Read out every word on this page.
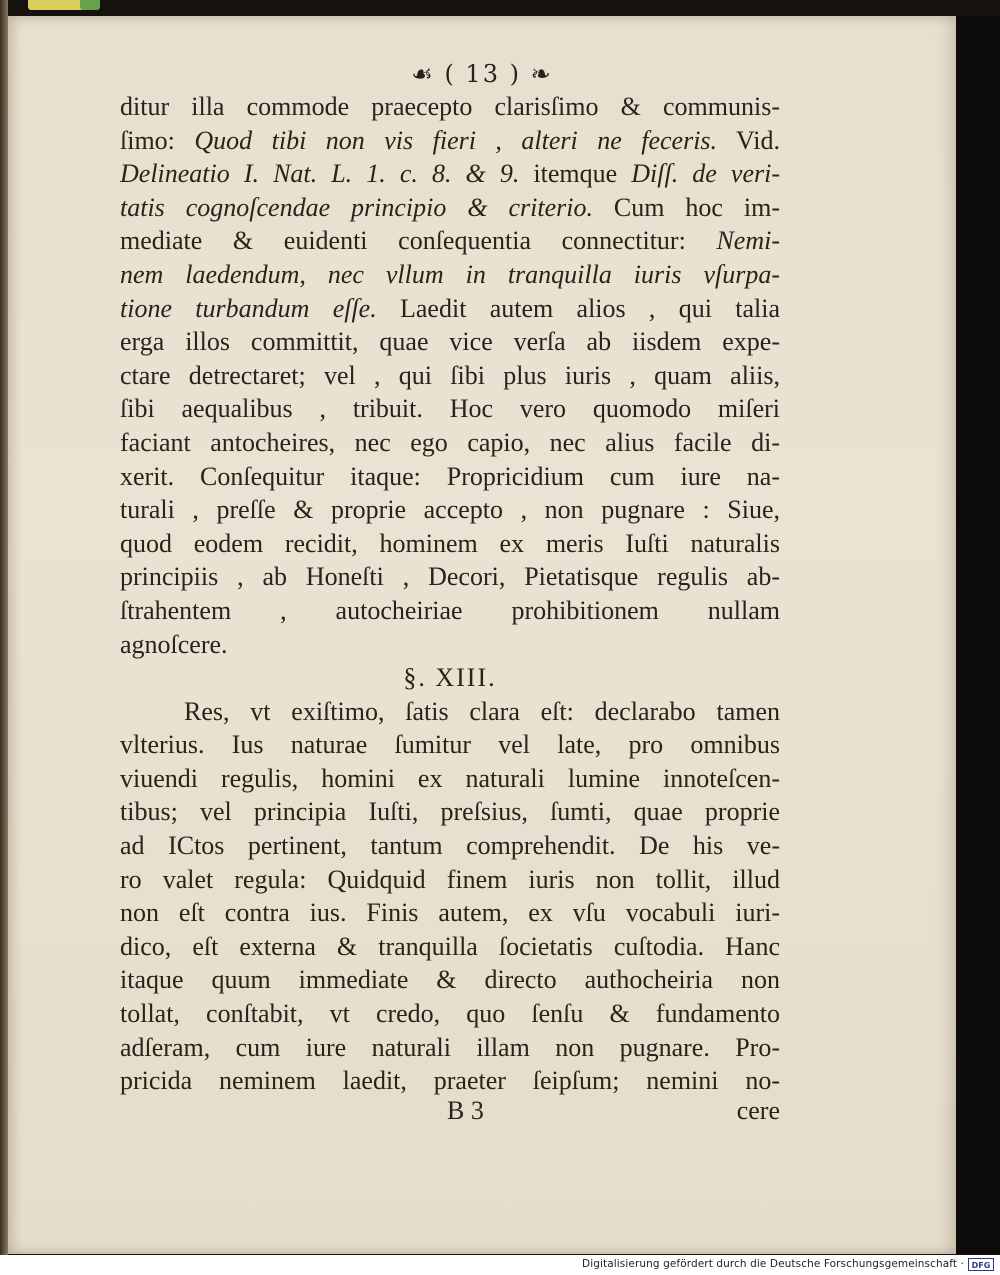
☙ ( 13 ) ❧
ditur illa commode praecepto clarisſimo & communis-
ſimo: Quod tibi non vis fieri , alteri ne feceris. Vid.
Delineatio I. Nat. L. 1. c. 8. & 9. itemque Diſſ. de veri-
tatis cognoſcendae principio & criterio. Cum hoc im-
mediate & euidenti conſequentia connectitur: Nemi-
nem laedendum, nec vllum in tranquilla iuris vſurpa-
tione turbandum eſſe. Laedit autem alios , qui talia
erga illos committit, quae vice verſa ab iisdem expe-
ctare detrectaret; vel , qui ſibi plus iuris , quam aliis,
ſibi aequalibus , tribuit. Hoc vero quomodo miſeri
faciant antocheires, nec ego capio, nec alius facile di-
xerit. Conſequitur itaque: Propricidium cum iure na-
turali , preſſe & proprie accepto , non pugnare : Siue,
quod eodem recidit, hominem ex meris Iuſti naturalis
principiis , ab Honeſti , Decori, Pietatisque regulis ab-
ſtrahentem , autocheiriae prohibitionem nullam
agnoſcere.
§. XIII.
Res, vt exiſtimo, ſatis clara eſt: declarabo tamen
vlterius. Ius naturae ſumitur vel late, pro omnibus
viuendi regulis, homini ex naturali lumine innoteſcen-
tibus; vel principia Iuſti, preſsius, ſumti, quae proprie
ad ICtos pertinent, tantum comprehendit. De his ve-
ro valet regula: Quidquid finem iuris non tollit, illud
non eſt contra ius. Finis autem, ex vſu vocabuli iuri-
dico, eſt externa & tranquilla ſocietatis cuſtodia. Hanc
itaque quum immediate & directo authocheiria non
tollat, conſtabit, vt credo, quo ſenſu & fundamento
adſeram, cum iure naturali illam non pugnare. Pro-
pricida neminem laedit, praeter ſeipſum; nemini no-
B 3	cere
Digitalisierung gefördert durch die Deutsche Forschungsgemeinschaft · DFG
